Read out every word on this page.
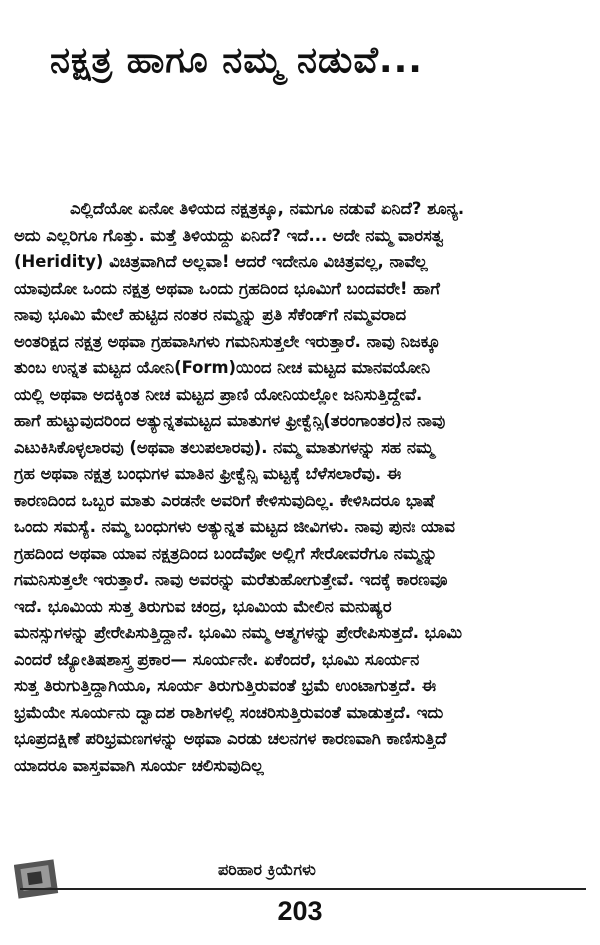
ನಕ್ಷತ್ರ ಹಾಗೂ ನಮ್ಮ ನಡುವೆ...
ಎಲ್ಲಿದೆಯೋ ಏನೋ ತಿಳಿಯದ ನಕ್ಷತ್ರಕ್ಕೂ, ನಮಗೂ ನಡುವೆ ಏನಿದೆ? ಶೂನ್ಯ.
ಅದು ಎಲ್ಲರಿಗೂ ಗೊತ್ತು. ಮತ್ತೆ ತಿಳಿಯದ್ದು ಏನಿದೆ? ಇದೆ... ಅದೇ ನಮ್ಮ ವಾರಸತ್ವ
(Heridity) ವಿಚಿತ್ರವಾಗಿದೆ ಅಲ್ಲವಾ! ಆದರೆ ಇದೇನೂ ವಿಚಿತ್ರವಲ್ಲ, ನಾವೆಲ್ಲ
ಯಾವುದೋ ಒಂದು ನಕ್ಷತ್ರ ಅಥವಾ ಒಂದು ಗ್ರಹದಿಂದ ಭೂಮಿಗೆ ಬಂದವರೇ! ಹಾಗೆ
ನಾವು ಭೂಮಿ ಮೇಲೆ ಹುಟ್ಟಿದ ನಂತರ ನಮ್ಮನ್ನು ಪ್ರತಿ ಸೆಕೆಂಡ್‌ಗೆ ನಮ್ಮವರಾದ
ಅಂತರಿಕ್ಷದ ನಕ್ಷತ್ರ ಅಥವಾ ಗ್ರಹವಾಸಿಗಳು ಗಮನಿಸುತ್ತಲೇ ಇರುತ್ತಾರೆ. ನಾವು ನಿಜಕ್ಕೂ
ತುಂಬ ಉನ್ನತ ಮಟ್ಟದ ಯೋನಿ(Form)ಯಿಂದ ನೀಚ ಮಟ್ಟದ ಮಾನವಯೋನಿ
ಯಲ್ಲಿ ಅಥವಾ ಅದಕ್ಕಿಂತ ನೀಚ ಮಟ್ಟದ ಪ್ರಾಣಿ ಯೋನಿಯಲ್ಲೋ ಜನಿಸುತ್ತಿದ್ದೇವೆ.
ಹಾಗೆ ಹುಟ್ಟುವುದರಿಂದ ಅತ್ಯುನ್ನತಮಟ್ಟದ ಮಾತುಗಳ ಫ್ರೀಕ್ವೆನ್ಸಿ(ತರಂಗಾಂತರ)ನ ನಾವು
ಎಟುಕಿಸಿಕೊಳ್ಳಲಾರವು (ಅಥವಾ ತಲುಪಲಾರವು). ನಮ್ಮ ಮಾತುಗಳನ್ನು ಸಹ ನಮ್ಮ
ಗ್ರಹ ಅಥವಾ ನಕ್ಷತ್ರ ಬಂಧುಗಳ ಮಾತಿನ ಫ್ರೀಕ್ವೆನ್ಸಿ ಮಟ್ಟಕ್ಕೆ ಬೆಳೆಸಲಾರೆವು. ಈ
ಕಾರಣದಿಂದ ಒಬ್ಬರ ಮಾತು ಎರಡನೇ ಅವರಿಗೆ ಕೇಳಿಸುವುದಿಲ್ಲ. ಕೇಳಿಸಿದರೂ ಭಾಷೆ
ಒಂದು ಸಮಸ್ಯೆ. ನಮ್ಮ ಬಂಧುಗಳು ಅತ್ಯುನ್ನತ ಮಟ್ಟದ ಜೀವಿಗಳು. ನಾವು ಪುನಃ ಯಾವ
ಗ್ರಹದಿಂದ ಅಥವಾ ಯಾವ ನಕ್ಷತ್ರದಿಂದ ಬಂದೆವೋ ಅಲ್ಲಿಗೆ ಸೇರೋವರೆಗೂ ನಮ್ಮನ್ನು
ಗಮನಿಸುತ್ತಲೇ ಇರುತ್ತಾರೆ. ನಾವು ಅವರನ್ನು ಮರೆತುಹೋಗುತ್ತೇವೆ. ಇದಕ್ಕೆ ಕಾರಣವೂ
ಇದೆ. ಭೂಮಿಯ ಸುತ್ತ ತಿರುಗುವ ಚಂದ್ರ, ಭೂಮಿಯ ಮೇಲಿನ ಮನುಷ್ಯರ
ಮನಸ್ಸುಗಳನ್ನು ಪ್ರೇರೇಪಿಸುತ್ತಿದ್ದಾನೆ. ಭೂಮಿ ನಮ್ಮ ಆತ್ಮಗಳನ್ನು ಪ್ರೇರೇಪಿಸುತ್ತದೆ. ಭೂಮಿ
ಎಂದರೆ ಜ್ಯೋತಿಷಶಾಸ್ತ್ರ ಪ್ರಕಾರ— ಸೂರ್ಯನೇ. ಏಕೆಂದರೆ, ಭೂಮಿ ಸೂರ್ಯನ
ಸುತ್ತ ತಿರುಗುತ್ತಿದ್ದಾಗಿಯೂ, ಸೂರ್ಯ ತಿರುಗುತ್ತಿರುವಂತೆ ಭ್ರಮೆ ಉಂಟಾಗುತ್ತದೆ. ಈ
ಭ್ರಮೆಯೇ ಸೂರ್ಯನು ದ್ವಾದಶ ರಾಶಿಗಳಲ್ಲಿ ಸಂಚರಿಸುತ್ತಿರುವಂತೆ ಮಾಡುತ್ತದೆ. ಇದು
ಭೂಪ್ರದಕ್ಷಿಣೆ ಪರಿಭ್ರಮಣಗಳನ್ನು ಅಥವಾ ಎರಡು ಚಲನಗಳ ಕಾರಣವಾಗಿ ಕಾಣಿಸುತ್ತಿದೆ
ಯಾದರೂ ವಾಸ್ತವವಾಗಿ ಸೂರ್ಯ ಚಲಿಸುವುದಿಲ್ಲ
ಪರಿಹಾರ ಕ್ರಿಯೆಗಳು
203
